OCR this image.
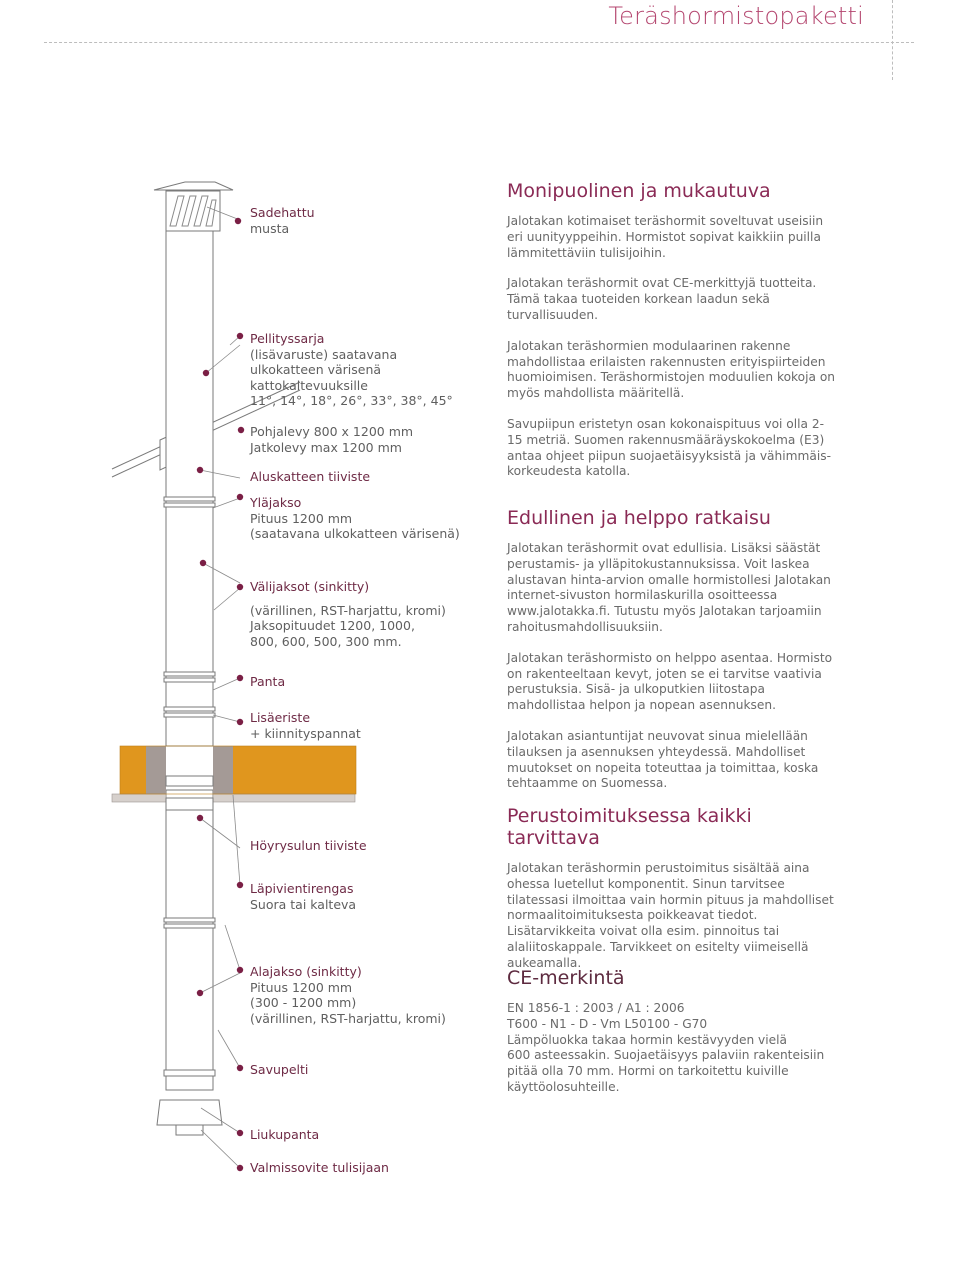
Teräshormistopaketti
Sadehattu
musta
Pellityssarja
(lisävaruste) saatavana
ulkokatteen värisenä
kattokaltevuuksille
11°, 14°, 18°, 26°, 33°, 38°, 45°
Pohjalevy 800 x 1200 mm
Jatkolevy max 1200 mm
Aluskatteen tiiviste
Yläjakso
Pituus 1200 mm
(saatavana ulkokatteen värisenä)
Välijaksot (sinkitty)
(värillinen, RST-harjattu, kromi)
Jaksopituudet 1200, 1000,
800, 600, 500, 300 mm.
Panta
Lisäeriste
+ kiinnityspannat
Höyrysulun tiiviste
Läpivientirengas
Suora tai kalteva
Alajakso (sinkitty)
Pituus 1200 mm
(300 - 1200 mm)
(värillinen, RST-harjattu, kromi)
Savupelti
Liukupanta
Valmissovite tulisijaan
Monipuolinen ja mukautuva

Jalotakan kotimaiset teräshormit soveltuvat useisiin eri uunityyppeihin. Hormistot sopivat kaikkiin puilla lämmitettäviin tulisijoihin.

Jalotakan teräshormit ovat CE-merkittyjä tuotteita. Tämä takaa tuoteiden korkean laadun sekä turvallisuuden.

Jalotakan teräshormien modulaarinen rakenne mahdollistaa erilaisten rakennusten erityispiirteiden huomioimisen. Teräshormistojen moduulien kokoja on myös mahdollista määritellä.

Savupiipun eristetyn osan kokonaispituus voi olla 2-15 metriä. Suomen rakennusmääräyskokoelma (E3) antaa ohjeet piipun suojaetäisyyksistä ja vähimmäis-korkeudesta katolla.

Edullinen ja helppo ratkaisu

Jalotakan teräshormit ovat edullisia. Lisäksi säästät perustamis- ja ylläpitokustannuksissa. Voit laskea alustavan hinta-arvion omalle hormistollesi Jalotakan internet-sivuston hormilaskurilla osoitteessa www.jalotakka.fi. Tutustu myös Jalotakan tarjoamiin rahoitusmahdollisuuksiin.

Jalotakan teräshormisto on helppo asentaa. Hormisto on rakenteeltaan kevyt, joten se ei tarvitse vaativia perustuksia. Sisä- ja ulkoputkien liitostapa mahdollistaa helpon ja nopean asennuksen.

Jalotakan asiantuntijat neuvovat sinua mielellään tilauksen ja asennuksen yhteydessä. Mahdolliset muutokset on nopeita toteuttaa ja toimittaa, koska tehtaamme on Suomessa.

Perustoimituksessa kaikki tarvittava

Jalotakan teräshormin perustoimitus sisältää aina ohessa luetellut komponentit. Sinun tarvitsee tilatessasi ilmoittaa vain hormin pituus ja mahdolliset normaalitoimituksesta poikkeavat tiedot. Lisätarvikkeita voivat olla esim. pinnoitus tai alaliitoskappale. Tarvikkeet on esitelty viimeisellä aukeamalla.

CE-merkintä

EN 1856-1 : 2003 / A1 : 2006

T600 - N1 - D - Vm L50100 - G70

Lämpöluokka takaa hormin kestävyyden vielä

600 asteessakin. Suojaetäisyys palaviin rakenteisiin

pitää olla 70 mm. Hormi on tarkoitettu kuiville

käyttöolosuhteille.
